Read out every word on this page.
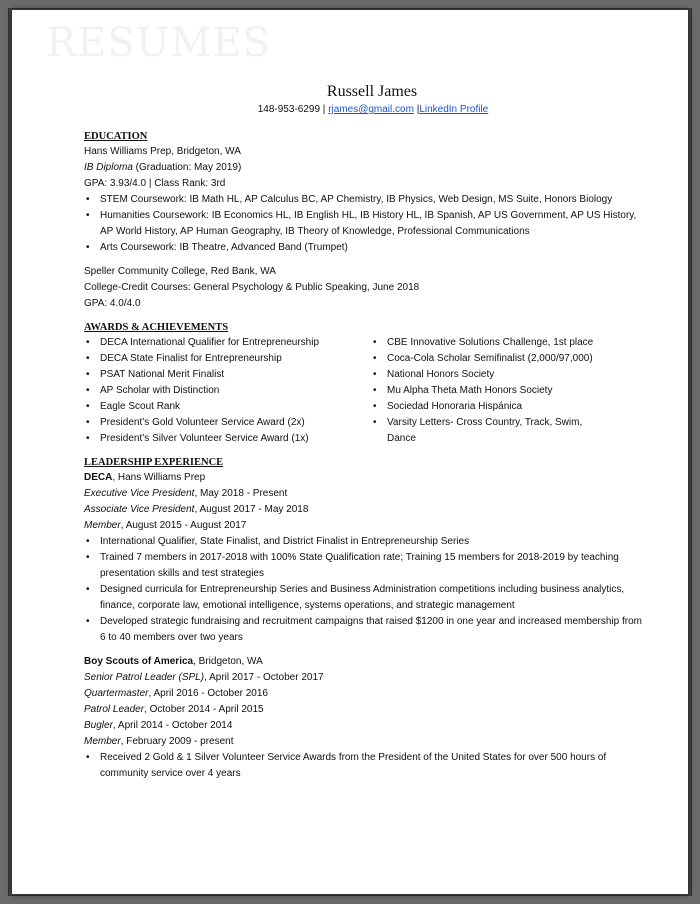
RESUMES
Russell James
148-953-6299 | rjames@gmail.com |LinkedIn Profile
EDUCATION
Hans Williams Prep, Bridgeton, WA
IB Diploma (Graduation: May 2019)
GPA: 3.93/4.0 | Class Rank: 3rd
• STEM Coursework: IB Math HL, AP Calculus BC, AP Chemistry, IB Physics, Web Design, MS Suite, Honors Biology
• Humanities Coursework: IB Economics HL, IB English HL, IB History HL, IB Spanish, AP US Government, AP US History, AP World History, AP Human Geography, IB Theory of Knowledge, Professional Communications
• Arts Coursework: IB Theatre, Advanced Band (Trumpet)
Speller Community College, Red Bank, WA
College-Credit Courses: General Psychology & Public Speaking, June 2018
GPA: 4.0/4.0
AWARDS & ACHIEVEMENTS
• DECA International Qualifier for Entrepreneurship
• DECA State Finalist for Entrepreneurship
• PSAT National Merit Finalist
• AP Scholar with Distinction
• Eagle Scout Rank
• President’s Gold Volunteer Service Award (2x)
• President’s Silver Volunteer Service Award (1x)
• CBE Innovative Solutions Challenge, 1st place
• Coca-Cola Scholar Semifinalist (2,000/97,000)
• National Honors Society
• Mu Alpha Theta Math Honors Society
• Sociedad Honoraria Hispánica
• Varsity Letters- Cross Country, Track, Swim, Dance
LEADERSHIP EXPERIENCE
DECA, Hans Williams Prep
Executive Vice President, May 2018 - Present
Associate Vice President, August 2017 - May 2018
Member, August 2015 - August 2017
• International Qualifier, State Finalist, and District Finalist in Entrepreneurship Series
• Trained 7 members in 2017-2018 with 100% State Qualification rate; Training 15 members for 2018-2019 by teaching presentation skills and test strategies
• Designed curricula for Entrepreneurship Series and Business Administration competitions including business analytics, finance, corporate law, emotional intelligence, systems operations, and strategic management
• Developed strategic fundraising and recruitment campaigns that raised $1200 in one year and increased membership from 6 to 40 members over two years
Boy Scouts of America, Bridgeton, WA
Senior Patrol Leader (SPL), April 2017 - October 2017
Quartermaster, April 2016 - October 2016
Patrol Leader, October 2014 - April 2015
Bugler, April 2014 - October 2014
Member, February 2009 - present
• Received 2 Gold & 1 Silver Volunteer Service Awards from the President of the United States for over 500 hours of community service over 4 years
